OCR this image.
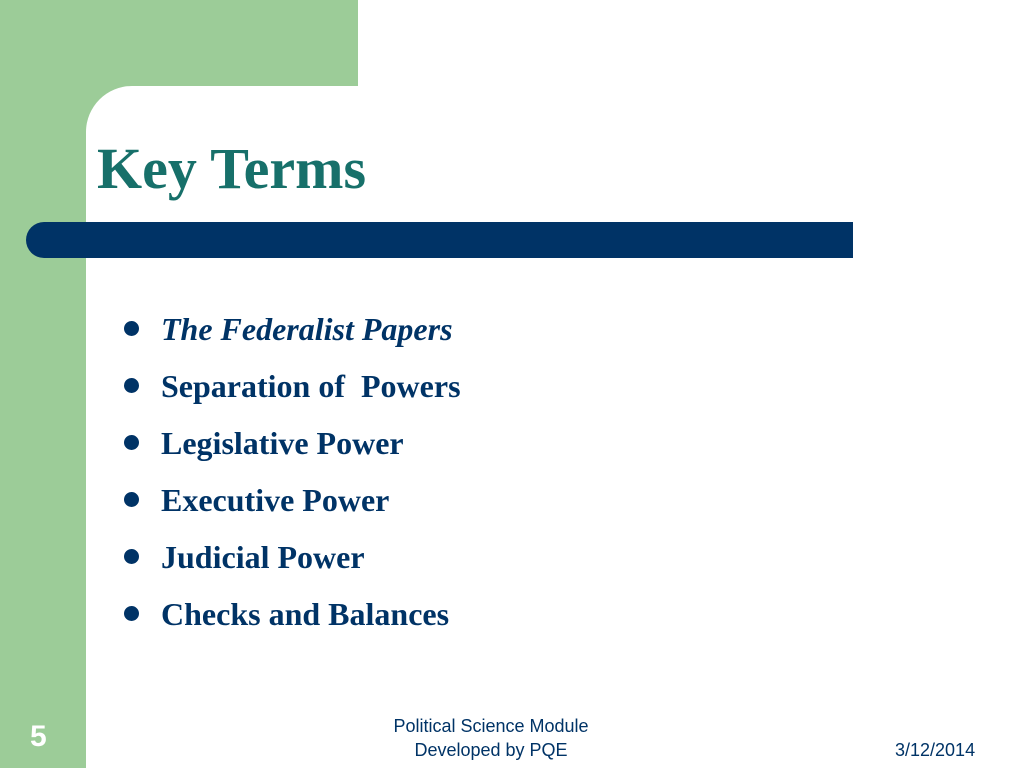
Key Terms
The Federalist Papers
Separation of  Powers
Legislative Power
Executive Power
Judicial Power
Checks and Balances
5	Political Science Module
Developed by PQE	3/12/2014
